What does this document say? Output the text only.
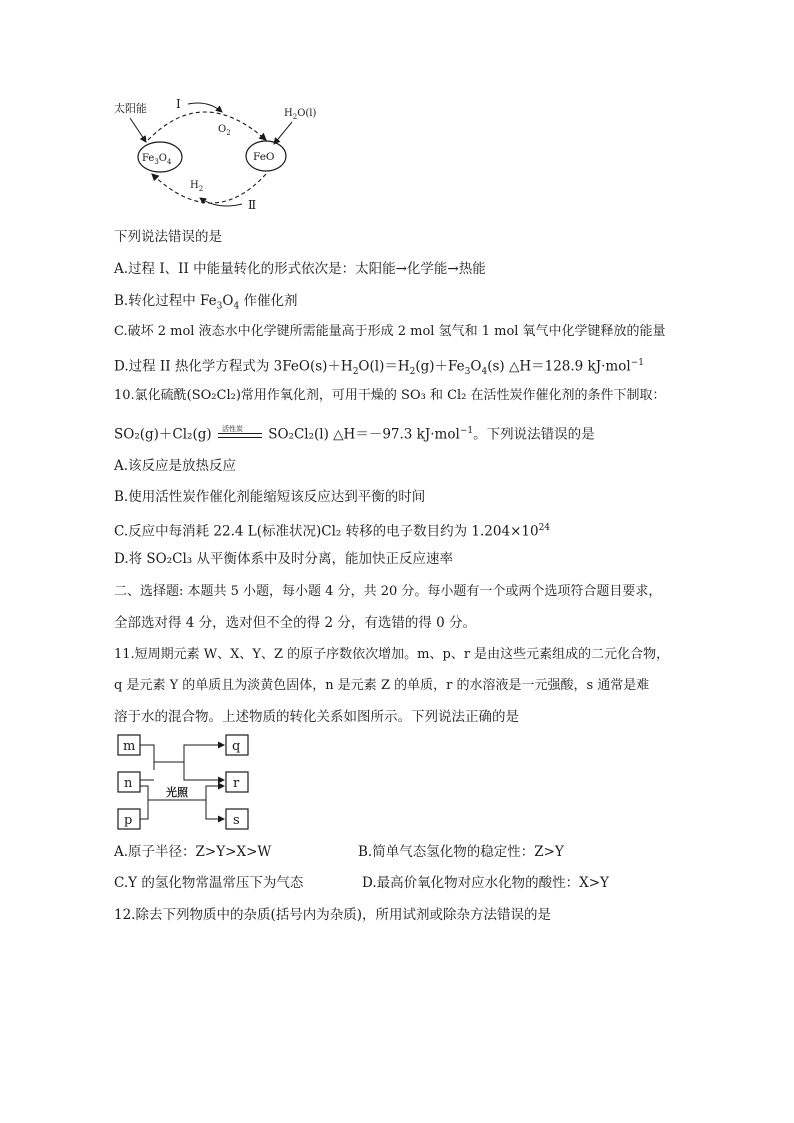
太阳能 I
$O_2$
$H_2O(l)$
$Fe_3O_4$	FeO
$H_2$
Ⅱ
下列说法错误的是
A.过程 I、II 中能量转化的形式依次是：太阳能→化学能→热能
B.转化过程中 $Fe_3O_4$ 作催化剂
C.破坏 2 mol 液态水中化学键所需能量高于形成 2 mol 氢气和 1 mol 氧气中化学键释放的能量
D.过程 II 热化学方程式为 $3FeO(s)+H_2O(l)=H_2(g)+Fe_3O_4(s)$ △H＝128.9 kJ·mol$^{-1}$
10.氯化硫酰(SO₂Cl₂)常用作氧化剂，可用干燥的 SO₃ 和 Cl₂ 在活性炭作催化剂的条件下制取：
SO₂(g)＋Cl₂(g) 活性炭 SO₂Cl₂(l) △H＝－97.3 kJ·mol$^{-1}$。下列说法错误的是
A.该反应是放热反应
B.使用活性炭作催化剂能缩短该反应达到平衡的时间
C.反应中每消耗 22.4 L(标准状况)Cl₂ 转移的电子数目约为 $1.204\times 10^{24}$
D.将 SO₂Cl₃ 从平衡体系中及时分离，能加快正反应速率
二、选择题: 本题共 5 小题，每小题 4 分，共 20 分。每小题有一个或两个选项符合题目要求，
全部选对得 4 分，选对但不全的得 2 分，有选错的得 0 分。
11.短周期元素 W、X、Y、Z 的原子序数依次增加。m、p、r 是由这些元素组成的二元化合物，
q 是元素 Y 的单质且为淡黄色固体，n 是元素 Z 的单质，r 的水溶液是一元强酸，s 通常是难
溶于水的混合物。上述物质的转化关系如图所示。下列说法正确的是
m
n
p
q
r
s
光照
A.原子半径：Z>Y>X>W	B.简单气态氢化物的稳定性：Z>Y
C.Y 的氢化物常温常压下为气态	D.最高价氧化物对应水化物的酸性：X>Y
12.除去下列物质中的杂质(括号内为杂质)，所用试剂或除杂方法错误的是
